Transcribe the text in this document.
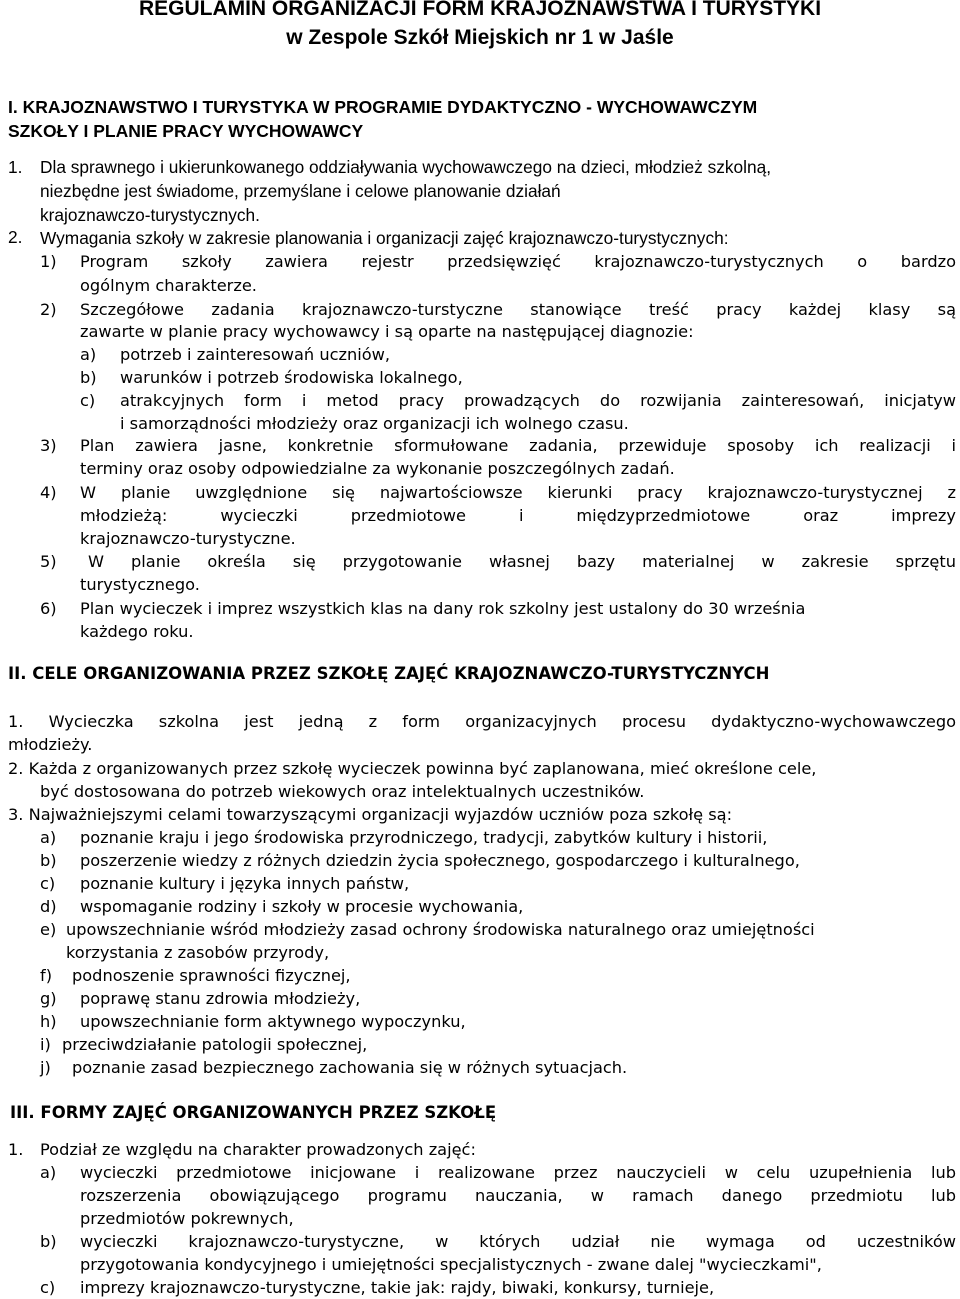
REGULAMIN ORGANIZACJI FORM KRAJOZNAWSTWA I TURYSTYKI
w Zespole Szkół Miejskich nr 1 w Jaśle
I. KRAJOZNAWSTWO I TURYSTYKA W PROGRAMIE DYDAKTYCZNO - WYCHOWAWCZYM
SZKOŁY I PLANIE PRACY WYCHOWAWCY
1. Dla sprawnego i ukierunkowanego oddziaływania wychowawczego na dzieci, młodzież szkolną,

niezbędne jest świadome, przemyślane i celowe planowanie działań

krajoznawczo-turystycznych.

2. Wymagania szkoły w zakresie planowania i organizacji zajęć krajoznawczo-turystycznych:

1) Program szkoły zawiera rejestr przedsięwzięć krajoznawczo-turystycznych o bardzo

ogólnym charakterze.

2) Szczegółowe zadania krajoznawczo-turstyczne stanowiące treść pracy każdej klasy są

zawarte w planie pracy wychowawcy i są oparte na następującej diagnozie:

a) potrzeb i zainteresowań uczniów,

b) warunków i potrzeb środowiska lokalnego,

c) atrakcyjnych form i metod pracy prowadzących do rozwijania zainteresowań, inicjatyw

i samorządności młodzieży oraz organizacji ich wolnego czasu.

3) Plan zawiera jasne, konkretnie sformułowane zadania, przewiduje sposoby ich realizacji i

terminy oraz osoby odpowiedzialne za wykonanie poszczególnych zadań.

4) W planie uwzględnione się najwartościowsze kierunki pracy krajoznawczo-turystycznej z

młodzieżą: wycieczki przedmiotowe i międzyprzedmiotowe oraz imprezy

krajoznawczo-turystyczne.

5) W planie określa się przygotowanie własnej bazy materialnej w zakresie sprzętu

turystycznego.

6) Plan wycieczek i imprez wszystkich klas na dany rok szkolny jest ustalony do 30 września

każdego roku.

II. CELE ORGANIZOWANIA PRZEZ SZKOŁĘ ZAJĘĆ KRAJOZNAWCZO-TURYSTYCZNYCH

1. Wycieczka szkolna jest jedną z form organizacyjnych procesu dydaktyczno-wychowawczego

młodzieży.

2. Każda z organizowanych przez szkołę wycieczek powinna być zaplanowana, mieć określone cele,

być dostosowana do potrzeb wiekowych oraz intelektualnych uczestników.

3. Najważniejszymi celami towarzyszącymi organizacji wyjazdów uczniów poza szkołę są:

a) poznanie kraju i jego środowiska przyrodniczego, tradycji, zabytków kultury i historii,

b) poszerzenie wiedzy z różnych dziedzin życia społecznego, gospodarczego i kulturalnego,

c) poznanie kultury i języka innych państw,

d) wspomaganie rodziny i szkoły w procesie wychowania,

e) upowszechnianie wśród młodzieży zasad ochrony środowiska naturalnego oraz umiejętności

korzystania z zasobów przyrody,

f) podnoszenie sprawności fizycznej,

g) poprawę stanu zdrowia młodzieży,

h) upowszechnianie form aktywnego wypoczynku,

i) przeciwdziałanie patologii społecznej,

j) poznanie zasad bezpiecznego zachowania się w różnych sytuacjach.

III. FORMY ZAJĘĆ ORGANIZOWANYCH PRZEZ SZKOŁĘ
1. Podział ze względu na charakter prowadzonych zajęć:

a) wycieczki przedmiotowe inicjowane i realizowane przez nauczycieli w celu uzupełnienia lub

rozszerzenia obowiązującego programu nauczania, w ramach danego przedmiotu lub

przedmiotów pokrewnych,

b) wycieczki krajoznawczo-turystyczne, w których udział nie wymaga od uczestników

przygotowania kondycyjnego i umiejętności specjalistycznych - zwane dalej "wycieczkami",

c) imprezy krajoznawczo-turystyczne, takie jak: rajdy, biwaki, konkursy, turnieje,
